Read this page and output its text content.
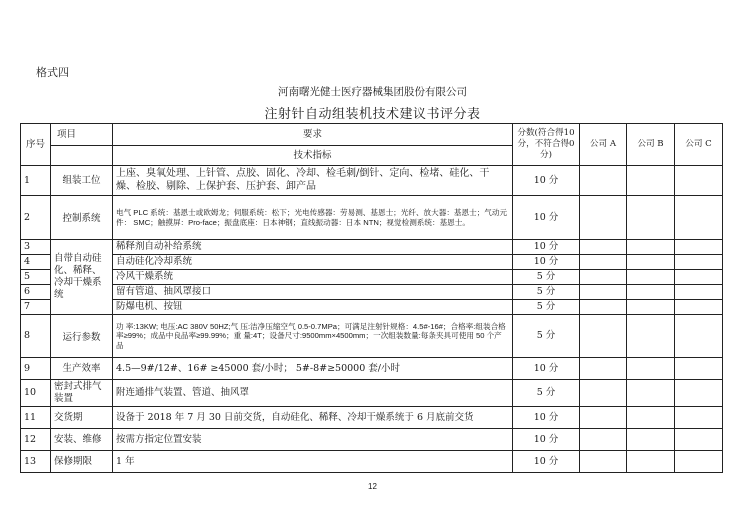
格式四
河南曙光健士医疗器械集团股份有限公司
注射针自动组装机技术建议书评分表
序号	项目	要求	分数(符合得10分，不符合得0分)	公司 A	公司 B	公司 C
		技术指标				
1	组装工位	上座、臭氧处理、上针管、点胶、固化、冷却、检毛刺/倒针、定向、检堵、硅化、干燥、检胶、剔除、上保护套、压护套、卸产品	10 分			
2	控制系统	电气 PLC 系统：基恩士或欧姆龙；伺服系统：松下；光电传感器：劳易测、基恩士；光纤、放大器：基恩士；气动元件： SMC；触摸屏：Pro-face；振盘底座：日本神钢；直线振动器：日本 NTN；视觉检测系统：基恩士。	10 分			
3	自带自动硅化、稀释、冷却干燥系统	稀释剂自动补给系统	10 分			
4		自动硅化冷却系统	10 分			
5		冷风干燥系统	5 分			
6		留有管道、抽风罩接口	5 分			
7		防爆电机、按钮	5 分			
8	运行参数	功 率:13KW; 电压:AC 380V 50HZ;气 压:洁净压缩空气 0.5-0.7MPa；可满足注射针规格：4.5#-16#；合格率:组装合格率≥99%；成品中良品率≥99.99%；重 量:4T；设备尺寸:9500mm×4500mm；一次组装数量:每条夹具可使用 50 个产品	5 分			
9	生产效率	4.5—9#/12#、16# ≥45000 套/小时； 5#-8#≥50000 套/小时	10 分			
10	密封式排气装置	附连通排气装置、管道、抽风罩	5 分			
11	交货期	设备于 2018 年 7 月 30 日前交货，自动硅化、稀释、冷却干燥系统于 6 月底前交货	10 分			
12	安装、维修	按需方指定位置安装	10 分			
13	保修期限	1 年	10 分			
12
